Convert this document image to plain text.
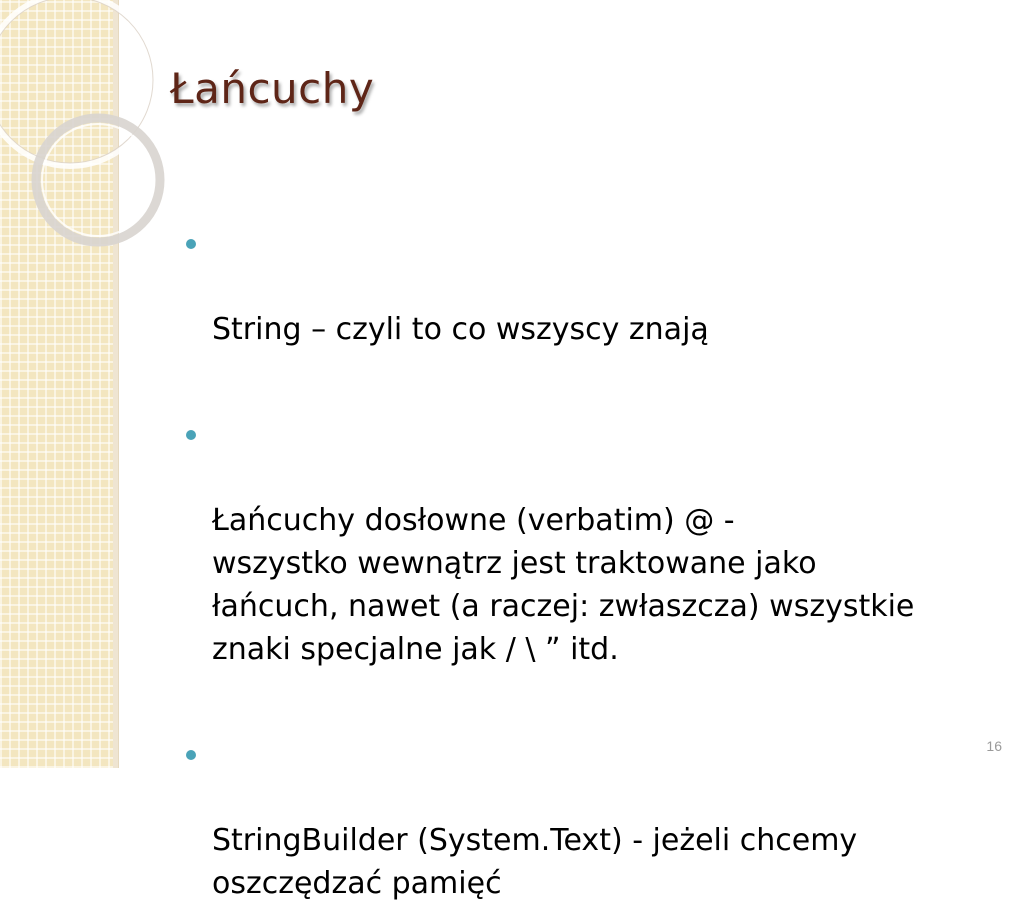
Łańcuchy

String – czyli to co wszyscy znają

Łańcuchy dosłowne (verbatim) @ -
wszystko wewnątrz jest traktowane jako
łańcuch, nawet (a raczej: zwłaszcza) wszystkie
znaki specjalne jak / \ ” itd.

StringBuilder (System.Text) - jeżeli chcemy
oszczędzać pamięć

16
